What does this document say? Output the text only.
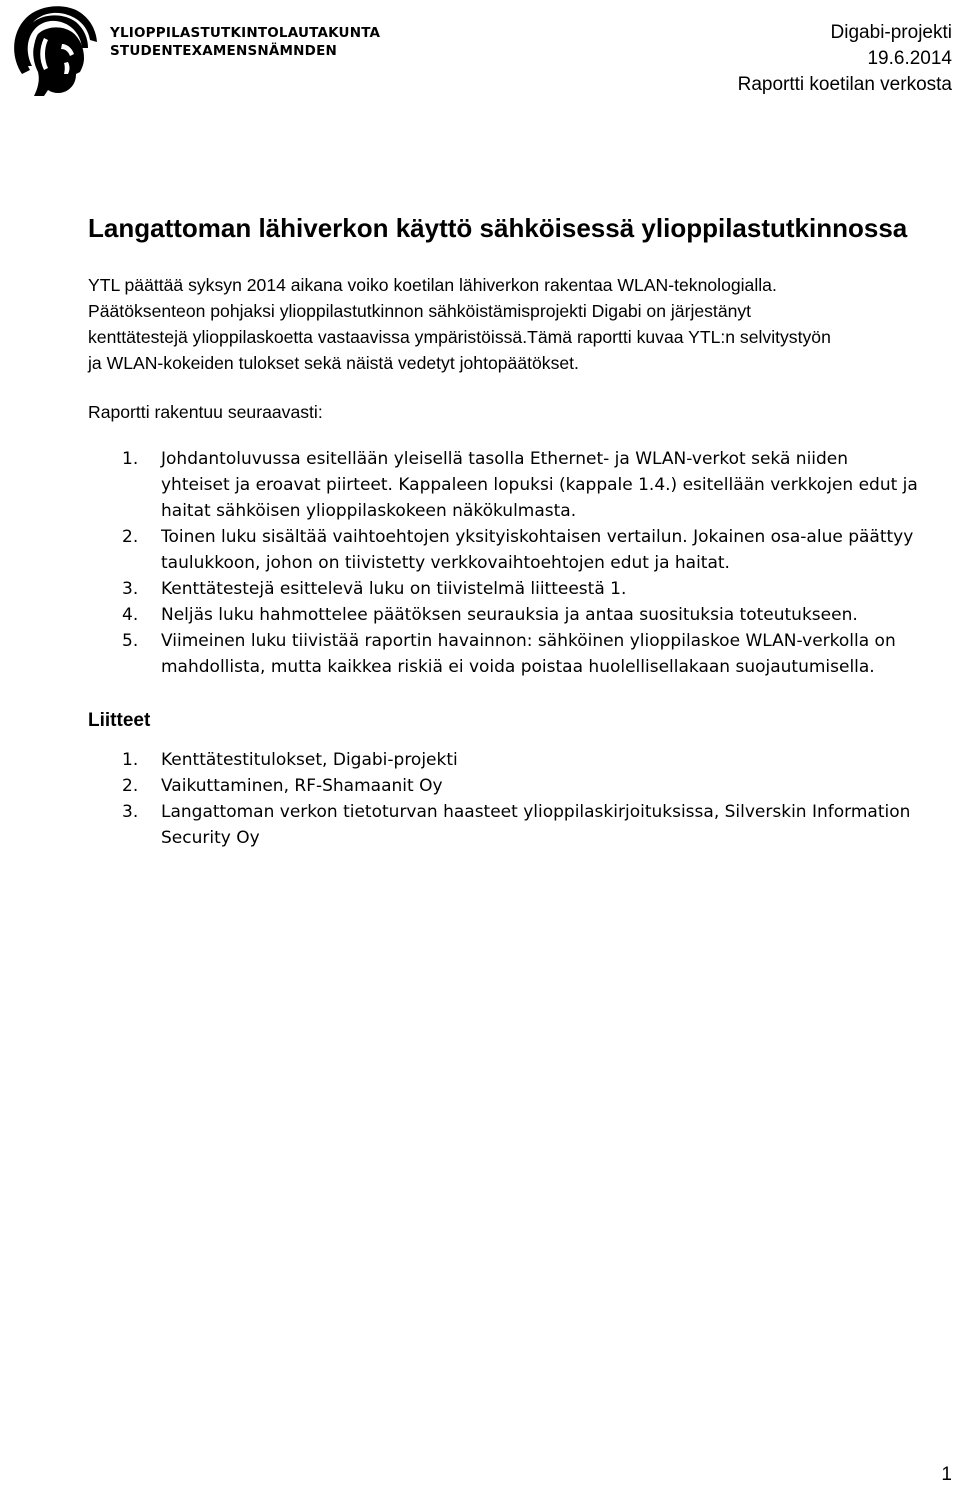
YLIOPPILASTUTKINTOLAUTAKUNTA
STUDENTEXAMENSNÄMNDEN
Digabi-projekti
19.6.2014
Raportti koetilan verkosta
Langattoman lähiverkon käyttö sähköisessä ylioppilastutkinnossa
YTL päättää syksyn 2014 aikana voiko koetilan lähiverkon rakentaa WLAN-teknologialla.
Päätöksenteon pohjaksi ylioppilastutkinnon sähköistämisprojekti Digabi on järjestänyt
kenttätestejä ylioppilaskoetta vastaavissa ympäristöissä.Tämä raportti kuvaa YTL:n selvitystyön
ja WLAN-kokeiden tulokset sekä näistä vedetyt johtopäätökset.
Raportti rakentuu seuraavasti:
1. Johdantoluvussa esitellään yleisellä tasolla Ethernet- ja WLAN-verkot sekä niiden
yhteiset ja eroavat piirteet. Kappaleen lopuksi (kappale 1.4.) esitellään verkkojen edut ja
haitat sähköisen ylioppilaskokeen näkökulmasta.
2. Toinen luku sisältää vaihtoehtojen yksityiskohtaisen vertailun. Jokainen osa-alue päättyy
taulukkoon, johon on tiivistetty verkkovaihtoehtojen edut ja haitat.
3. Kenttätestejä esittelevä luku on tiivistelmä liitteestä 1.
4. Neljäs luku hahmottelee päätöksen seurauksia ja antaa suosituksia toteutukseen.
5. Viimeinen luku tiivistää raportin havainnon: sähköinen ylioppilaskoe WLAN-verkolla on
mahdollista, mutta kaikkea riskiä ei voida poistaa huolellisellakaan suojautumisella.
Liitteet
1. Kenttätestitulokset, Digabi-projekti
2. Vaikuttaminen, RF-Shamaanit Oy
3. Langattoman verkon tietoturvan haasteet ylioppilaskirjoituksissa, Silverskin Information
Security Oy
1
